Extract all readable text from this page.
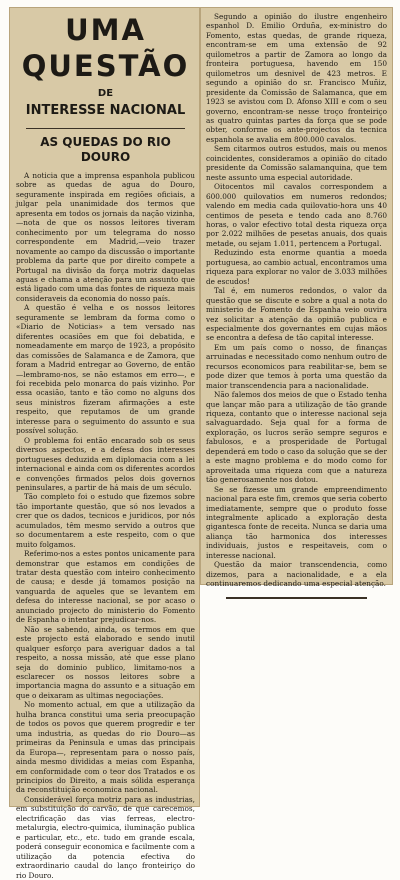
UMA QUESTÃO

DE

INTERESSE NACIONAL

AS QUEDAS DO RIO DOURO

A noticia que a imprensa espanhola publicou sobre as quedas de agua do Douro, seguramente inspirada em regiões oficiais, a julgar pela unanimidade dos termos que apresenta em todos os jornais da nação vizinha, —nota de que os nossos leitores tiveram conhecimento por um telegrama do nosso correspondente em Madrid,—veio trazer novamente ao campo da discussão o importante problema da parte que por direito compete a Portugal na divisão da força motriz daquelas aguas e chama a atenção para um assunto que está ligado com uma das fontes de riqueza mais consideraveis da economia do nosso país.

A questão é velha e os nossos leitores seguramente se lembram da forma como o «Diario de Noticias» a tem versado nas diferentes ocasiões em que foi debatida, e nomeadamente em março de 1923, a propósito das comissões de Salamanca e de Zamora, que foram a Madrid entregar ao Governo, de então —lembramo-nos, se não estamos em erro—, e foi recebida pelo monarca do país vizinho. Por essa ocasião, tanto e tão como no alguns dos seus ministros fizeram afirmações a este respeito, que reputamos de um grande interesse para o seguimento do assunto e sua possível solução.

O problema foi então encarado sob os seus diversos aspectos, e a defesa dos interesses portugueses deduzida em diplomacia com a lei internacional e ainda com os diferentes acordos e convenções firmados pelos dois governos peninsulares, a partir de há mais de um século.

Tão completo foi o estudo que fizemos sobre tão importante questão, que só nos levados a crer que os dados, tecnicos e juridicos, por nós acumulados, têm mesmo servido a outros que so documentarem a este respeito, com o que muito folgamos.

Referimo-nos a estes pontos unicamente para demonstrar que estamos em condições de tratar desta questão com inteiro conhecimento de causa; e desde já tomamos posição na vanguarda de aqueles que se levantem em defesa do interesse nacional, se por acaso o anunciado projecto do ministerio do Fomento de Espanha o intentar prejudicar-nos.

Não se sabendo, ainda, os termos em que este projecto está elaborado e sendo inutil qualquer esforço para averiguar dados a tal respeito, a nossa missão, até que esse plano seja do dominio publico, limitamo-nos a esclarecer os nossos leitores sobre a importancia magna do assunto e a situação em que o deixaram as ultimas negociações.

No momento actual, em que a utilização da hulha branca constitui uma seria preocupação de todos os povos que querem progredir e ter uma industria, as quedas do rio Douro—as primeiras da Peninsula e umas das principais da Europa—, representam para o nosso país, ainda mesmo divididas a meias com Espanha, em conformidade com o teor dos Tratados e os principios do Direito, a mais sólida esperança da reconstituição economica nacional.

Considerável força motriz para as industrias, em substituição do carvão, de que carecemos, electrificação das vias ferreas, electro-metalurgia, electro-quimica, iluminação publica e particular, etc., etc. tudo em grande escala, poderá conseguir economica e facilmente com a utilização da potencia efectiva do extraordinario caudal do lanço fronteiriço do rio Douro.

Segundo a opinião do ilustre engenheiro espanhol D. Emilio Orduña, ex-ministro do Fomento, estas quedas, de grande riqueza, encontram-se em uma extensão de 92 quilometros a partir de Zamora ao longo da fronteira portuguesa, havendo em 150 quilometros um desnivel de 423 metros. E segundo a opinião do sr. Francisco Muñiz, presidente da Comissão de Salamanca, que em 1923 se avistou com D. Afonso XIII e com o seu governo, encontram-se nesse troço fronteiriço as quatro quintas partes da força que se pode obter, conforme os ante-projectos da tecnica espanhola se avalia em 800.000 cavalos.

Sem citarmos outros estudos, mais ou menos coincidentes, consideramos a opinião do citado presidente da Comissão salamanquina, que tem neste assunto uma especial autoridade.

Oitocentos mil cavalos correspondem a 600.000 quilovatios em numeros redondos; valendo em media cada quilovatio-hora uns 40 centimos de peseta e tendo cada ano 8.760 horas, o valor efectivo total desta riqueza orça por 2.022 milhões de pesetas anuais, dos quais metade, ou sejam 1.011, pertencem a Portugal.

Reduzindo esta enorme quantia a moeda portuguesa, ao cambio actual, encontramos uma riqueza para explorar no valor de 3.033 milhões de escudos!

Tal é, em numeros redondos, o valor da questão que se discute e sobre a qual a nota do ministerio de Fomento de Espanha veio ouvira vez solicitar a atenção da opinião publica e especialmente dos governantes em cujas mãos se encontra a defesa de tão capital interesse.

Em um país como o nosso, de finanças arruinadas e necessitado como nenhum outro de recursos economicos para reabilitar-se, bem se pode dizer que temos à porta uma questão da maior transcendencia para a nacionalidade.

Não falemos dos meios de que o Estado tenha que lançar mão para a utilização de tão grande riqueza, contanto que o interesse nacional seja salvaguardado. Seja qual for a forma de exploração, os lucros serão sempre seguros e fabulosos, e a prosperidade de Portugal dependerá em todo o caso da solução que se der a este magno problema e do modo como for aproveitada uma riqueza com que a natureza tão generosamente nos dotou.

Se se fizesse um grande empreendimento nacional para este fim, cremos que seria coberto imediatamente, sempre que o produto fosse integralmente aplicado a exploração desta gigantesca fonte de receita. Nunca se daria uma aliança tão harmonica dos interesses individuais, justos e respeitaveis, com o interesse nacional.

Questão da maior transcendencia, como dizemos, para a nacionalidade, e a ela continuaremos dedicando uma especial atenção.
